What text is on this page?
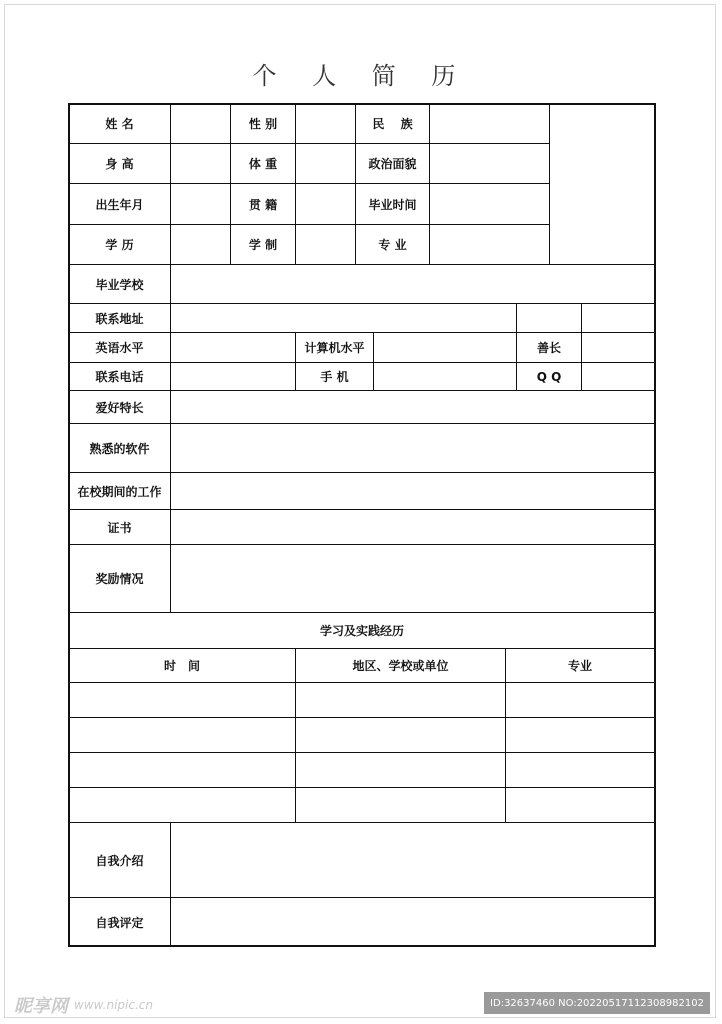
个 人 简 历
姓 名	性 别	民　 族
身 高	体 重	政治面貌
出生年月	贯 籍	毕业时间
学 历	学 制	专 业
毕业学校
联系地址
英语水平	计算机水平	善长
联系电话	手 机	Q Q
爱好特长
熟悉的软件
在校期间的工作
证书
奖励情况
学习及实践经历
时　间	地区、学校或单位	专业
自我介绍
自我评定
昵享网 www.nipic.cn	ID:32637460 NO:20220517112308982102
